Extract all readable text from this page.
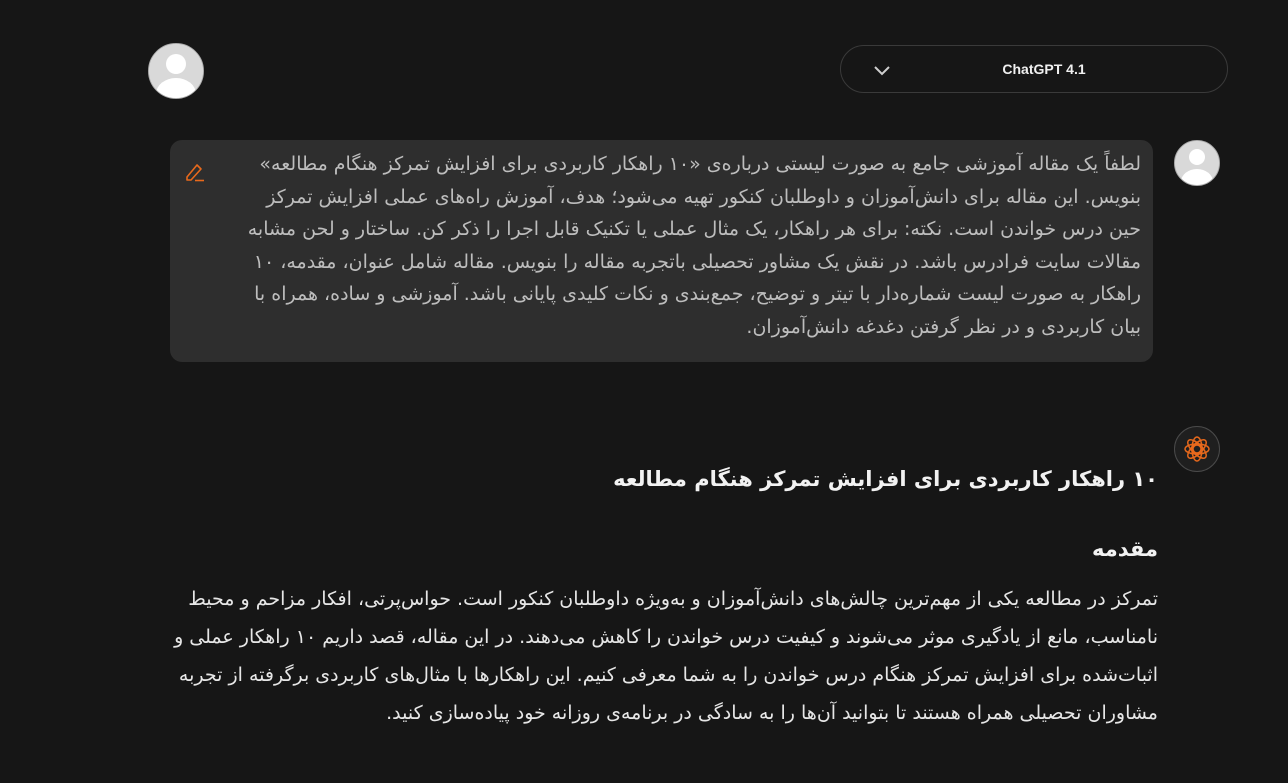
ChatGPT 4.1

لطفاً یک مقاله آموزشی جامع به صورت لیستی درباره‌ی «۱۰ راهکار کاربردی برای افزایش تمرکز هنگام مطالعه» بنویس. این مقاله برای دانش‌آموزان و داوطلبان کنکور تهیه می‌شود؛ هدف، آموزش راه‌های عملی افزایش تمرکز حین درس خواندن است. نکته: برای هر راهکار، یک مثال عملی یا تکنیک قابل اجرا را ذکر کن. ساختار و لحن مشابه مقالات سایت فرادرس باشد. در نقش یک مشاور تحصیلی باتجربه مقاله را بنویس. مقاله شامل عنوان، مقدمه، ۱۰ راهکار به صورت لیست شماره‌دار با تیتر و توضیح، جمع‌بندی و نکات کلیدی پایانی باشد. آموزشی و ساده، همراه با بیان کاربردی و در نظر گرفتن دغدغه دانش‌آموزان.

۱۰ راهکار کاربردی برای افزایش تمرکز هنگام مطالعه
مقدمه

تمرکز در مطالعه یکی از مهم‌ترین چالش‌های دانش‌آموزان و به‌ویژه داوطلبان کنکور است. حواس‌پرتی، افکار مزاحم و محیط نامناسب، مانع از یادگیری موثر می‌شوند و کیفیت درس خواندن را کاهش می‌دهند. در این مقاله، قصد داریم ۱۰ راهکار عملی و اثبات‌شده برای افزایش تمرکز هنگام درس خواندن را به شما معرفی کنیم. این راهکارها با مثال‌های کاربردی برگرفته از تجربه مشاوران تحصیلی همراه هستند تا بتوانید آن‌ها را به سادگی در برنامه‌ی روزانه خود پیاده‌سازی کنید.
